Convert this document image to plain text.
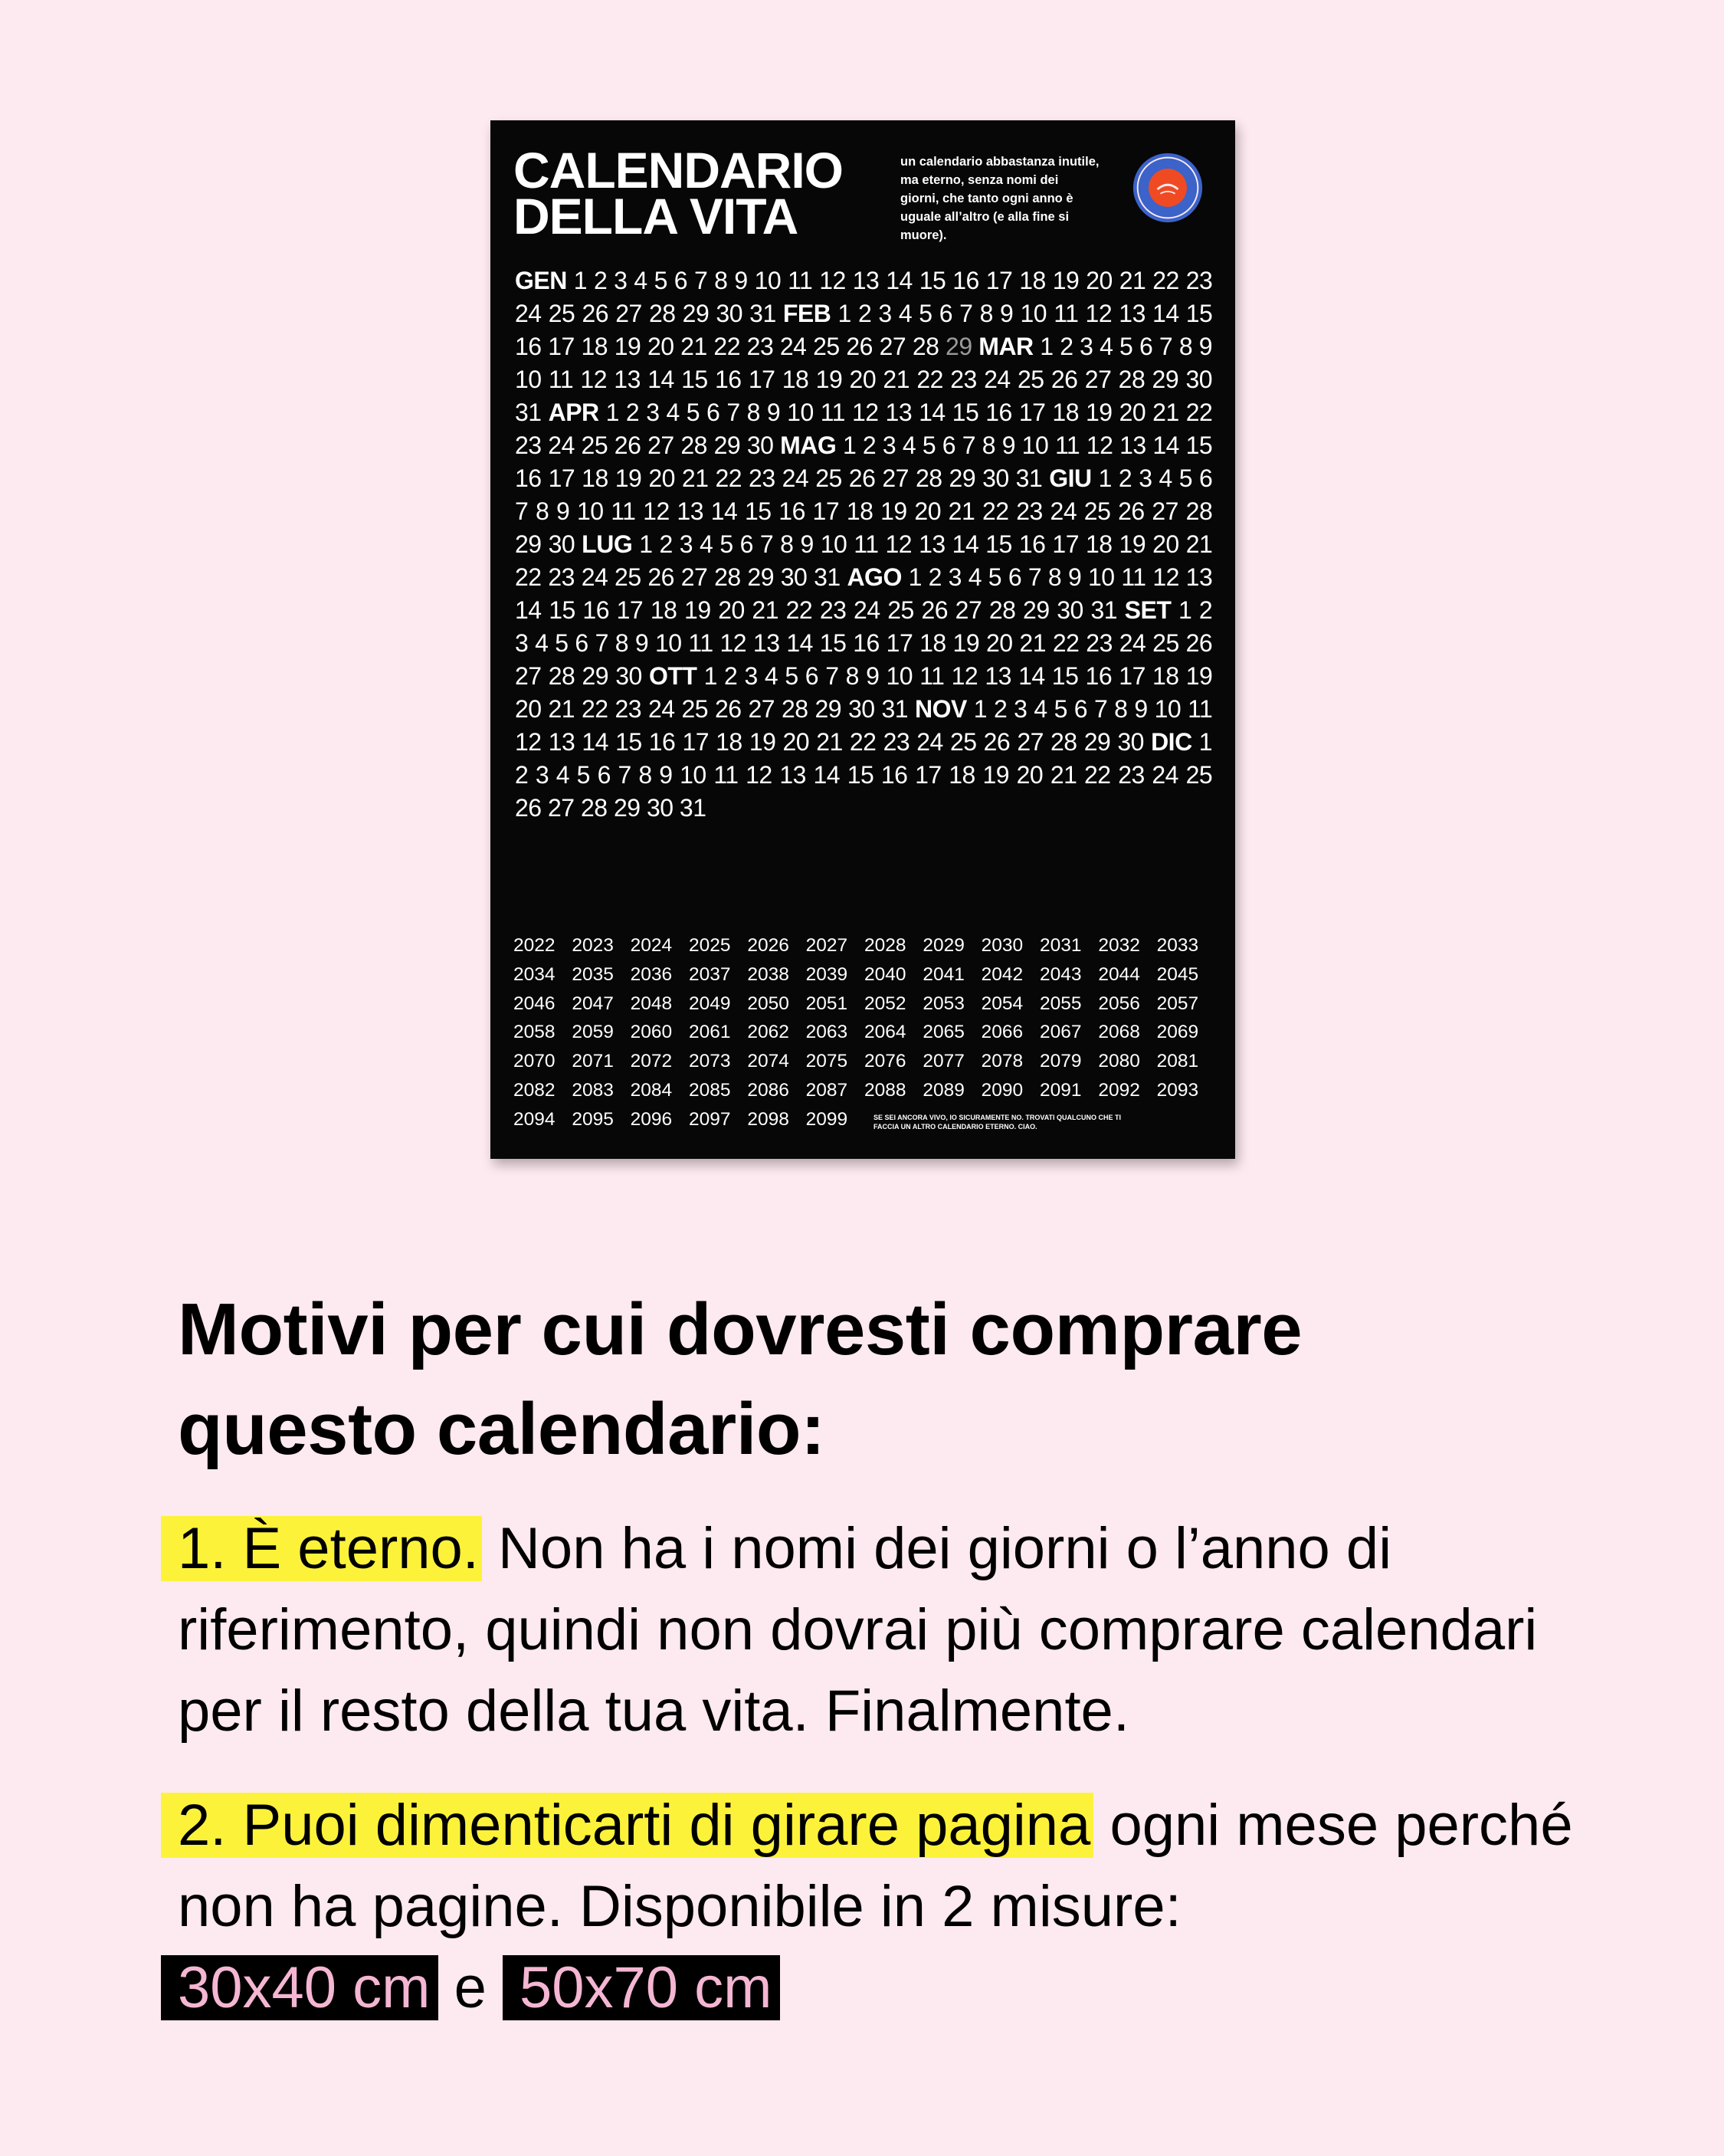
CALENDARIO
DELLA VITA
un calendario abbastanza inutile, ma eterno, senza nomi dei giorni, che tanto ogni anno è uguale all’altro (e alla fine si muore).
GEN 1 2 3 4 5 6 7 8 9 10 11 12 13 14 15 16 17 18 19 20 21 22 23 24 25 26 27 28 29 30 31 FEB 1 2 3 4 5 6 7 8 9 10 11 12 13 14 15 16 17 18 19 20 21 22 23 24 25 26 27 28 29 MAR 1 2 3 4 5 6 7 8 9 10 11 12 13 14 15 16 17 18 19 20 21 22 23 24 25 26 27 28 29 30 31 APR 1 2 3 4 5 6 7 8 9 10 11 12 13 14 15 16 17 18 19 20 21 22 23 24 25 26 27 28 29 30 MAG 1 2 3 4 5 6 7 8 9 10 11 12 13 14 15 16 17 18 19 20 21 22 23 24 25 26 27 28 29 30 31 GIU 1 2 3 4 5 6 7 8 9 10 11 12 13 14 15 16 17 18 19 20 21 22 23 24 25 26 27 28 29 30 LUG 1 2 3 4 5 6 7 8 9 10 11 12 13 14 15 16 17 18 19 20 21 22 23 24 25 26 27 28 29 30 31 AGO 1 2 3 4 5 6 7 8 9 10 11 12 13 14 15 16 17 18 19 20 21 22 23 24 25 26 27 28 29 30 31 SET 1 2 3 4 5 6 7 8 9 10 11 12 13 14 15 16 17 18 19 20 21 22 23 24 25 26 27 28 29 30 OTT 1 2 3 4 5 6 7 8 9 10 11 12 13 14 15 16 17 18 19 20 21 22 23 24 25 26 27 28 29 30 31 NOV 1 2 3 4 5 6 7 8 9 10 11 12 13 14 15 16 17 18 19 20 21 22 23 24 25 26 27 28 29 30 DIC 1 2 3 4 5 6 7 8 9 10 11 12 13 14 15 16 17 18 19 20 21 22 23 24 25 26 27 28 29 30 31
2022 2023 2024 2025 2026 2027 2028 2029 2030 2031 2032 2033
2034 2035 2036 2037 2038 2039 2040 2041 2042 2043 2044 2045
2046 2047 2048 2049 2050 2051 2052 2053 2054 2055 2056 2057
2058 2059 2060 2061 2062 2063 2064 2065 2066 2067 2068 2069
2070 2071 2072 2073 2074 2075 2076 2077 2078 2079 2080 2081
2082 2083 2084 2085 2086 2087 2088 2089 2090 2091 2092 2093
2094 2095 2096 2097 2098 2099	SE SEI ANCORA VIVO, IO SICURAMENTE NO. TROVATI QUALCUNO CHE TI FACCIA UN ALTRO CALENDARIO ETERNO. CIAO.
Motivi per cui dovresti comprare
questo calendario:

1. È eterno. Non ha i nomi dei giorni o l’anno di riferimento, quindi non dovrai più comprare calendari per il resto della tua vita. Finalmente.

2. Puoi dimenticarti di girare pagina ogni mese perché non ha pagine. Disponibile in 2 misure:
30x40 cm e 50x70 cm
